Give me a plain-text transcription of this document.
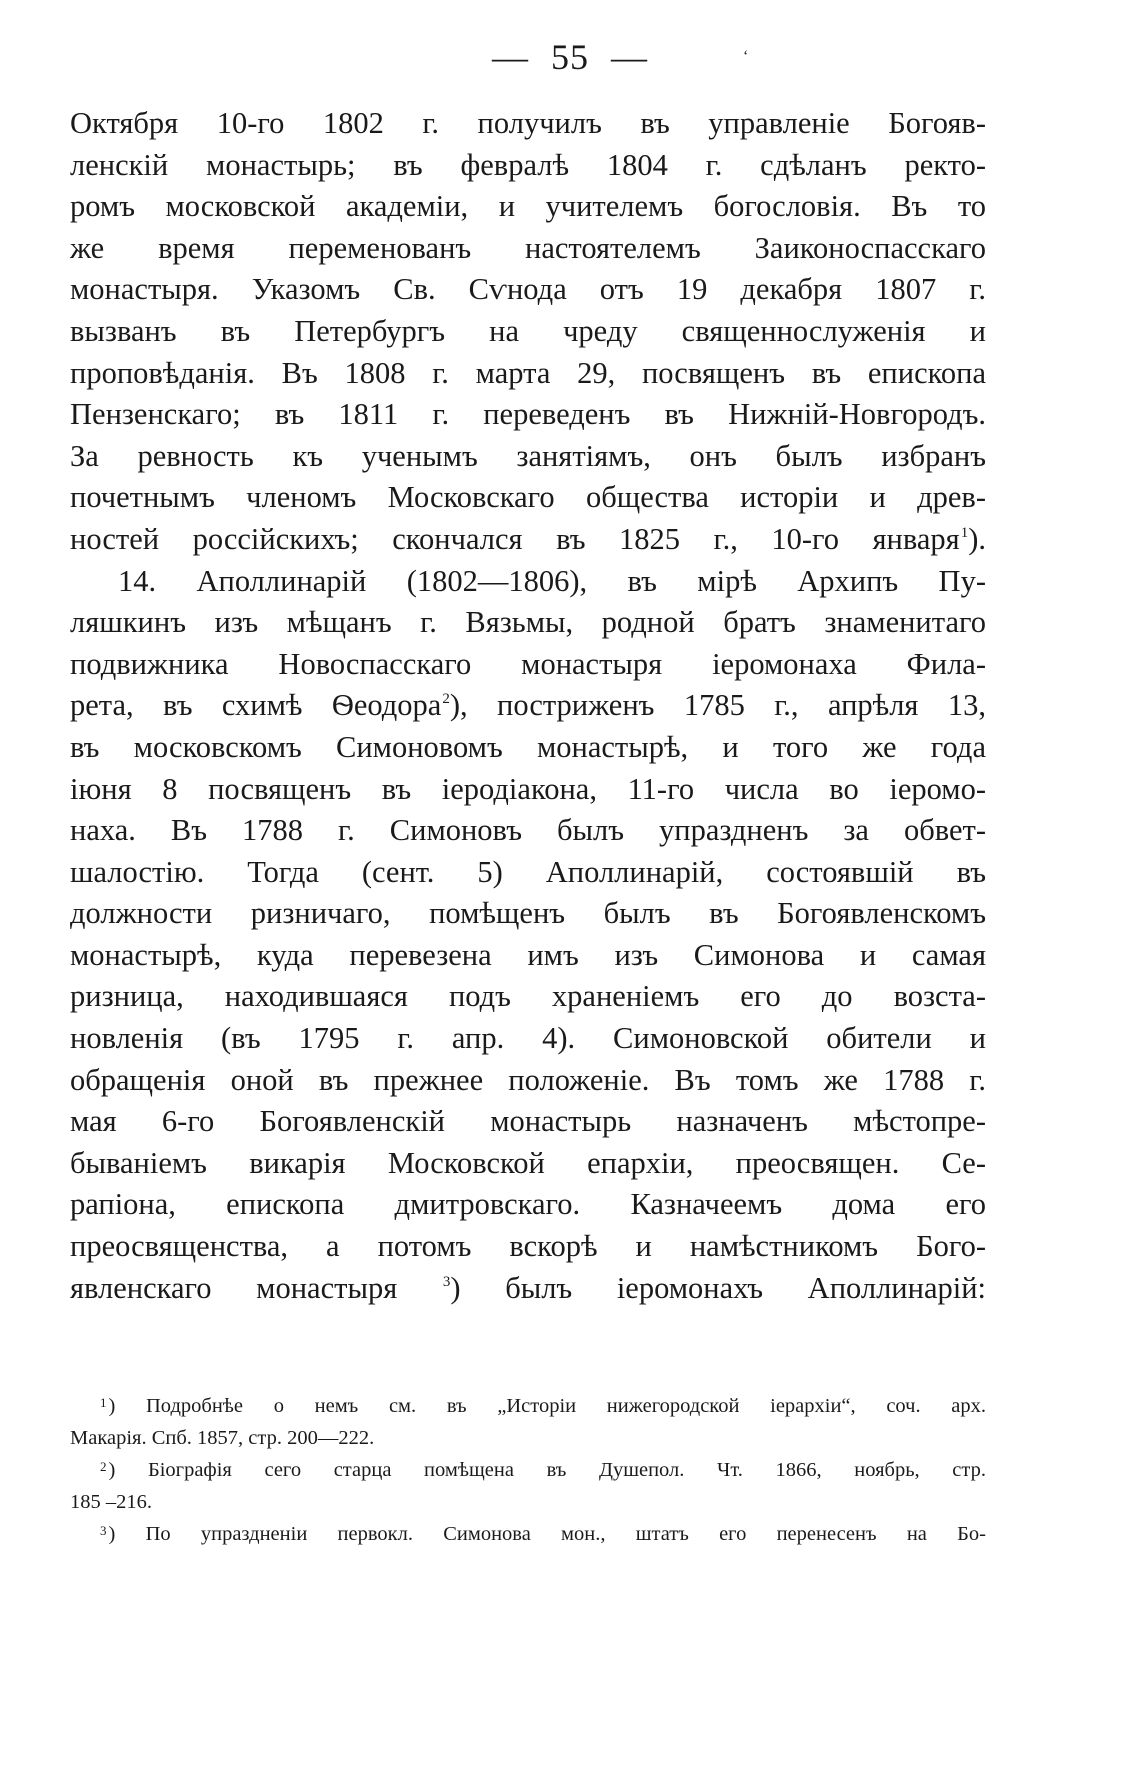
— 55 —	‘
Октября 10-го 1802 г. получилъ въ управленіе Богояв-
ленскій монастырь; въ февралѣ 1804 г. сдѣланъ ректо-
ромъ московской академіи, и учителемъ богословія. Въ то
же время переменованъ настоятелемъ Заиконоспасскаго
монастыря. Указомъ Св. Сѵнода отъ 19 декабря 1807 г.
вызванъ въ Петербургъ на чреду священнослуженія и
проповѣданія. Въ 1808 г. марта 29, посвященъ въ епископа
Пензенскаго; въ 1811 г. переведенъ въ Нижній-Новгородъ.
За ревность къ ученымъ занятіямъ, онъ былъ избранъ
почетнымъ членомъ Московскаго общества исторіи и древ-
ностей россійскихъ; скончался въ 1825 г., 10-го января$^1$).
14. Аполлинарій (1802—1806), въ мірѣ Архипъ Пу-
ляшкинъ изъ мѣщанъ г. Вязьмы, родной братъ знаменитаго
подвижника Новоспасскаго монастыря іеромонаха Фила-
рета, въ схимѣ Ѳеодора$^2$), постриженъ 1785 г., апрѣля 13,
въ московскомъ Симоновомъ монастырѣ, и того же года
іюня 8 посвященъ въ іеродіакона, 11-го числа во іеромо-
наха. Въ 1788 г. Симоновъ былъ упраздненъ за обвет-
шалостію. Тогда (сент. 5) Аполлинарій, состоявшій въ
должности ризничаго, помѣщенъ былъ въ Богоявленскомъ
монастырѣ, куда перевезена имъ изъ Симонова и самая
ризница, находившаяся подъ храненіемъ его до возста-
новленія (въ 1795 г. апр. 4). Симоновской обители и
обращенія оной въ прежнее положеніе. Въ томъ же 1788 г.
мая 6-го Богоявленскій монастырь назначенъ мѣстопре-
быванiемъ викарія Московской епархіи, преосвящен. Се-
рапіона, епископа дмитровскаго. Казначеемъ дома его
преосвященства, а потомъ вскорѣ и намѣстникомъ Бого-
явленскаго монастыря	$^3$) былъ іеромонахъ Аполлинарій:
$^1$) Подробнѣе о немъ см. въ „Исторіи нижегородской іерархіи“, соч. арх.
Макарія. Спб. 1857, стр. 200—222.
$^2$) Біографія сего старца помѣщена въ Душепол. Чт. 1866, ноябрь, стр.
185 –216.
$^3$) По упраздненіи первокл. Симонова мон., штатъ его перенесенъ на Бо-
